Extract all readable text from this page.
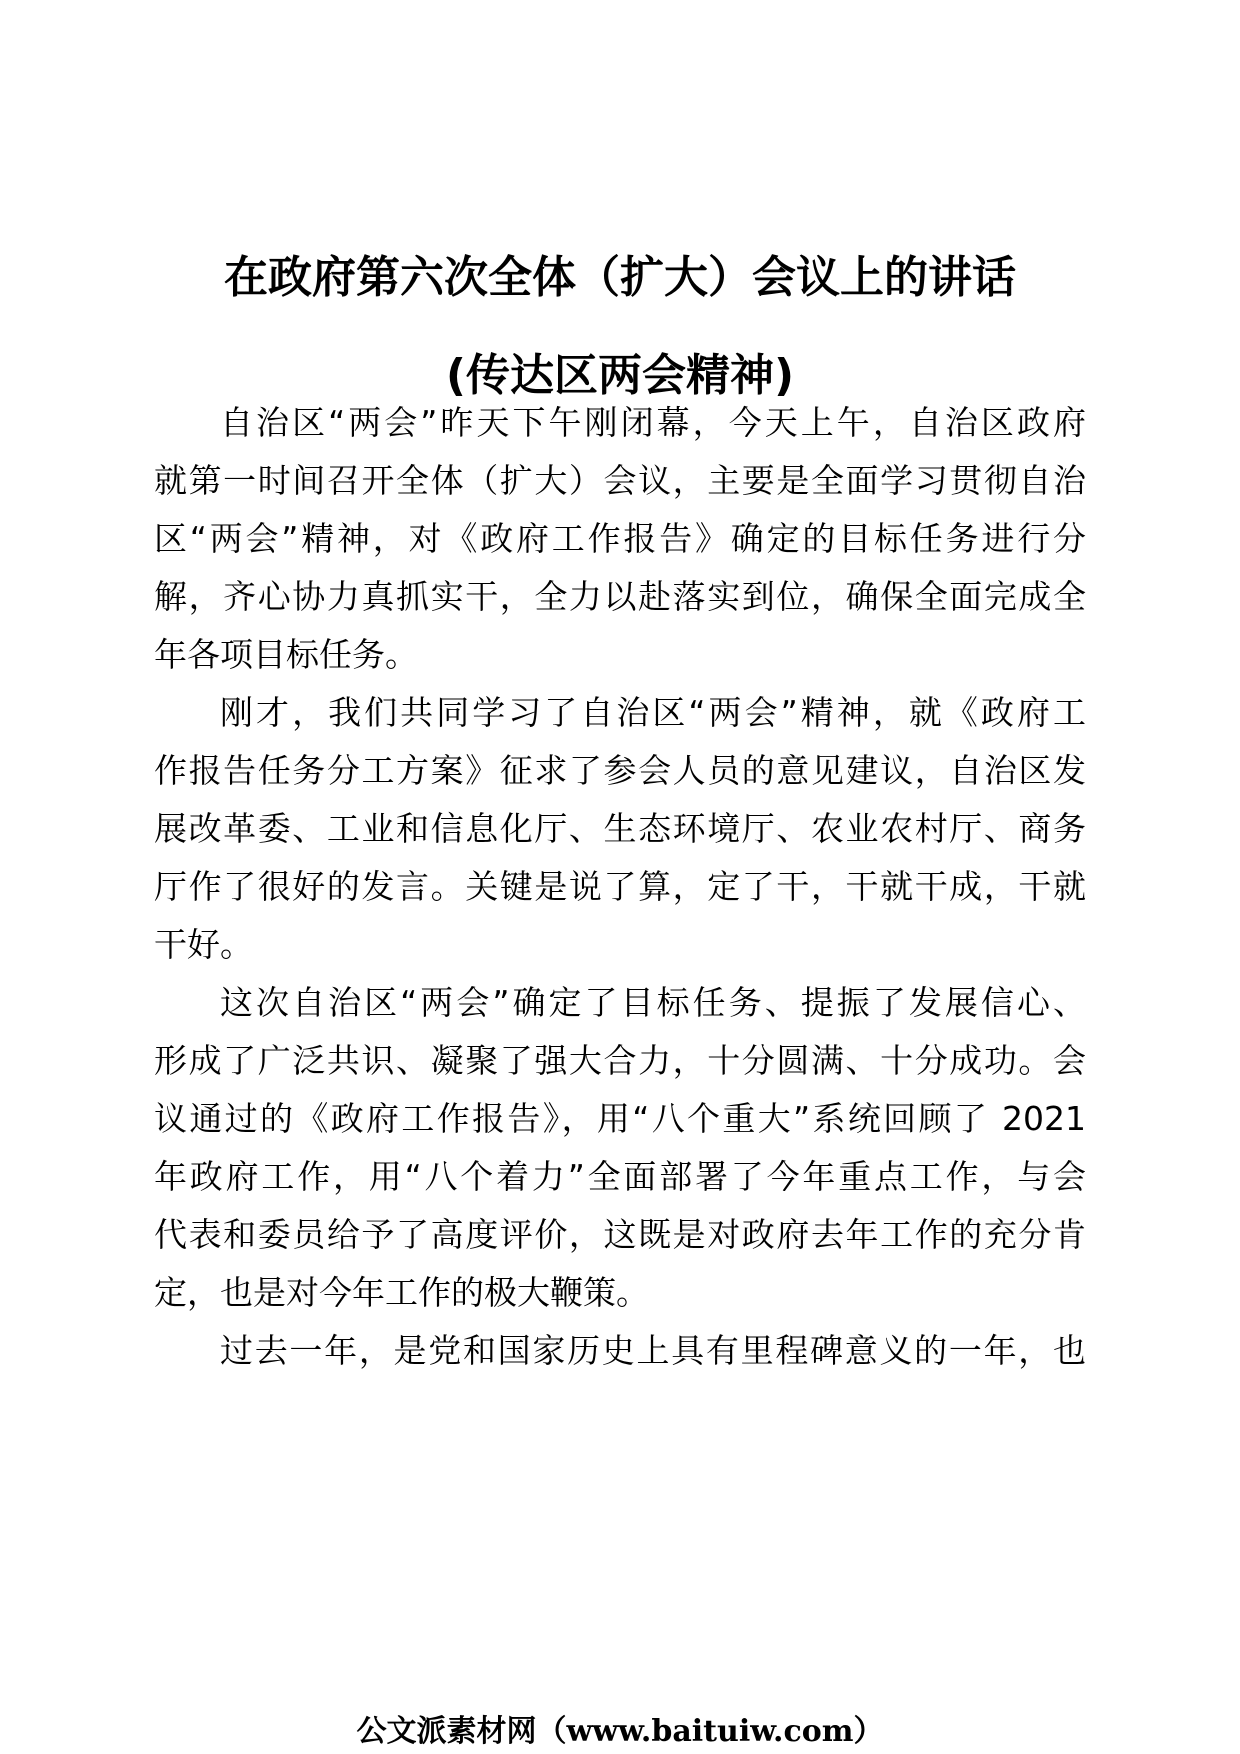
在政府第六次全体（扩大）会议上的讲话
(传达区两会精神)
自治区“两会”昨天下午刚闭幕，今天上午，自治区政府
就第一时间召开全体（扩大）会议，主要是全面学习贯彻自治
区“两会”精神，对《政府工作报告》确定的目标任务进行分
解，齐心协力真抓实干，全力以赴落实到位，确保全面完成全
年各项目标任务。
刚才，我们共同学习了自治区“两会”精神，就《政府工
作报告任务分工方案》征求了参会人员的意见建议，自治区发
展改革委、工业和信息化厅、生态环境厅、农业农村厅、商务
厅作了很好的发言。关键是说了算，定了干，干就干成，干就
干好。
这次自治区“两会”确定了目标任务、提振了发展信心、
形成了广泛共识、凝聚了强大合力，十分圆满、十分成功。会
议通过的《政府工作报告》，用“八个重大”系统回顾了 2021
年政府工作，用“八个着力”全面部署了今年重点工作，与会
代表和委员给予了高度评价，这既是对政府去年工作的充分肯
定，也是对今年工作的极大鞭策。
过去一年，是党和国家历史上具有里程碑意义的一年，也
公文派素材网（www.baituiw.com）
